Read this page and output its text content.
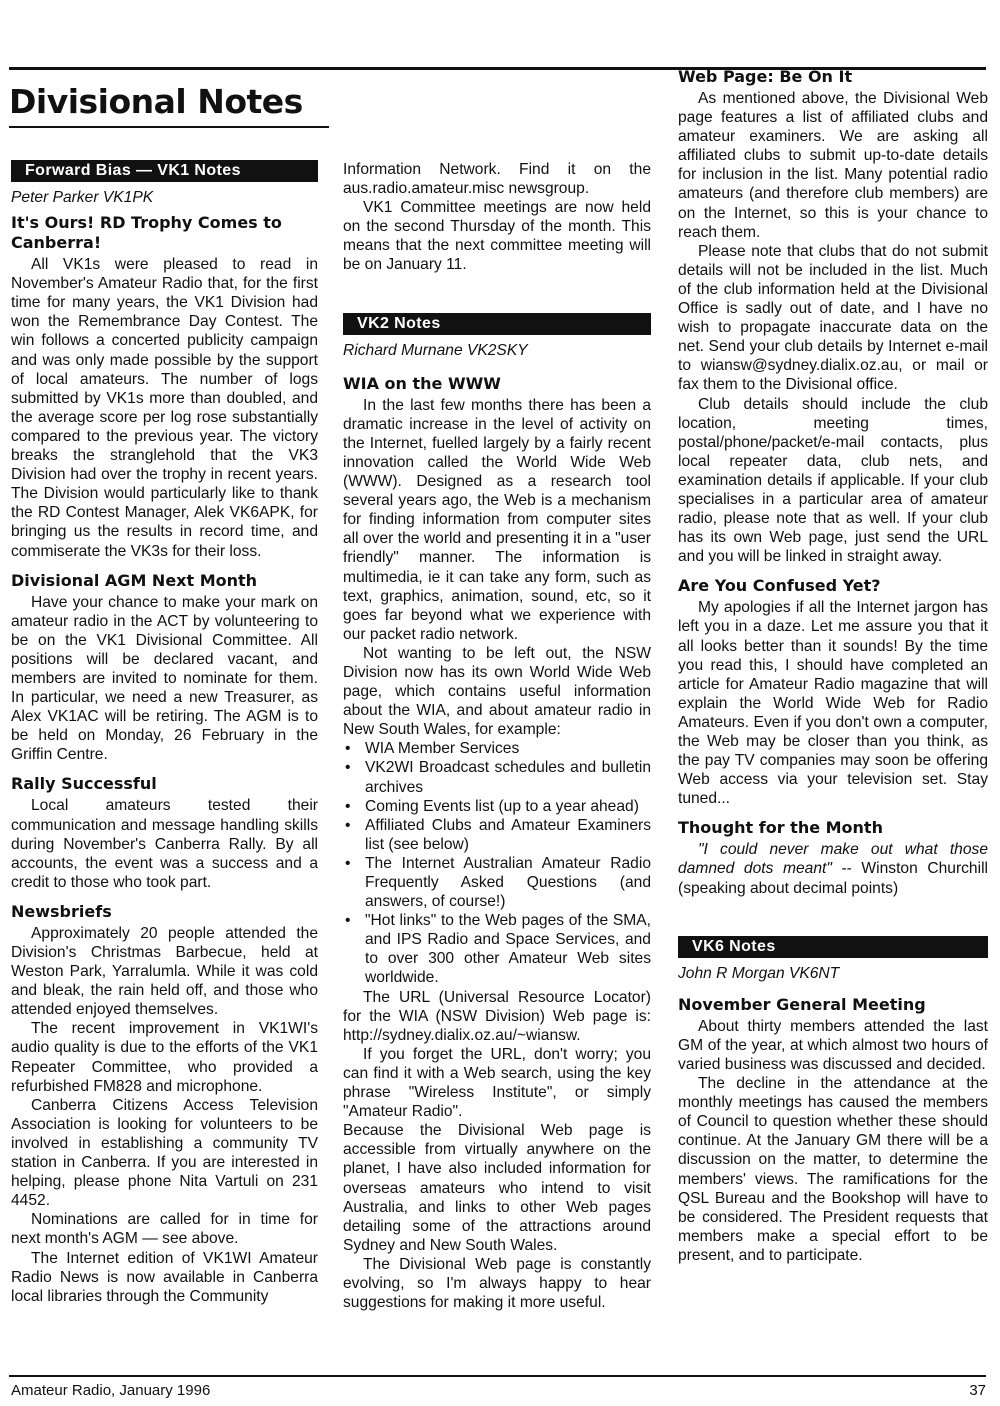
Divisional Notes
Forward Bias — VK1 Notes
Peter Parker VK1PK
It's Ours! RD Trophy Comes to Canberra!

All VK1s were pleased to read in November's Amateur Radio that, for the first time for many years, the VK1 Division had won the Remembrance Day Contest. The win follows a concerted publicity campaign and was only made possible by the support of local amateurs. The number of logs submitted by VK1s more than doubled, and the average score per log rose substantially compared to the previous year. The victory breaks the stranglehold that the VK3 Division had over the trophy in recent years. The Division would particularly like to thank the RD Contest Manager, Alek VK6APK, for bringing us the results in record time, and commiserate the VK3s for their loss.

Divisional AGM Next Month

Have your chance to make your mark on amateur radio in the ACT by volunteering to be on the VK1 Divisional Committee. All positions will be declared vacant, and members are invited to nominate for them. In particular, we need a new Treasurer, as Alex VK1AC will be retiring. The AGM is to be held on Monday, 26 February in the Griffin Centre.

Rally Successful

Local amateurs tested their communication and message handling skills during November's Canberra Rally. By all accounts, the event was a success and a credit to those who took part.

Newsbriefs

Approximately 20 people attended the Division's Christmas Barbecue, held at Weston Park, Yarralumla. While it was cold and bleak, the rain held off, and those who attended enjoyed themselves.

The recent improvement in VK1WI's audio quality is due to the efforts of the VK1 Repeater Committee, who provided a refurbished FM828 and microphone.

Canberra Citizens Access Television Association is looking for volunteers to be involved in establishing a community TV station in Canberra. If you are interested in helping, please phone Nita Vartuli on 231 4452.

Nominations are called for in time for next month's AGM — see above.

The Internet edition of VK1WI Amateur Radio News is now available in Canberra local libraries through the Community

Information Network. Find it on the aus.radio.amateur.misc newsgroup.

VK1 Committee meetings are now held on the second Thursday of the month. This means that the next committee meeting will be on January 11.

VK2 Notes
Richard Murnane VK2SKY
WIA on the WWW

In the last few months there has been a dramatic increase in the level of activity on the Internet, fuelled largely by a fairly recent innovation called the World Wide Web (WWW). Designed as a research tool several years ago, the Web is a mechanism for finding information from computer sites all over the world and presenting it in a "user friendly" manner. The information is multimedia, ie it can take any form, such as text, graphics, animation, sound, etc, so it goes far beyond what we experience with our packet radio network.

Not wanting to be left out, the NSW Division now has its own World Wide Web page, which contains useful information about the WIA, and about amateur radio in New South Wales, for example:

• WIA Member Services
• VK2WI Broadcast schedules and bulletin archives
• Coming Events list (up to a year ahead)
• Affiliated Clubs and Amateur Examiners list (see below)
• The Internet Australian Amateur Radio Frequently Asked Questions (and answers, of course!)
• "Hot links" to the Web pages of the SMA, and IPS Radio and Space Services, and to over 300 other Amateur Web sites worldwide.

The URL (Universal Resource Locator) for the WIA (NSW Division) Web page is: http://sydney.dialix.oz.au/~wiansw.

If you forget the URL, don't worry; you can find it with a Web search, using the key phrase "Wireless Institute", or simply "Amateur Radio".

Because the Divisional Web page is accessible from virtually anywhere on the planet, I have also included information for overseas amateurs who intend to visit Australia, and links to other Web pages detailing some of the attractions around Sydney and New South Wales.

The Divisional Web page is constantly evolving, so I'm always happy to hear suggestions for making it more useful.

Web Page: Be On It

As mentioned above, the Divisional Web page features a list of affiliated clubs and amateur examiners. We are asking all affiliated clubs to submit up-to-date details for inclusion in the list. Many potential radio amateurs (and therefore club members) are on the Internet, so this is your chance to reach them.

Please note that clubs that do not submit details will not be included in the list. Much of the club information held at the Divisional Office is sadly out of date, and I have no wish to propagate inaccurate data on the net. Send your club details by Internet e-mail to wiansw@sydney.dialix.oz.au, or mail or fax them to the Divisional office.

Club details should include the club location, meeting times, postal/phone/packet/e-mail contacts, plus local repeater data, club nets, and examination details if applicable. If your club specialises in a particular area of amateur radio, please note that as well. If your club has its own Web page, just send the URL and you will be linked in straight away.

Are You Confused Yet?

My apologies if all the Internet jargon has left you in a daze. Let me assure you that it all looks better than it sounds! By the time you read this, I should have completed an article for Amateur Radio magazine that will explain the World Wide Web for Radio Amateurs. Even if you don't own a computer, the Web may be closer than you think, as the pay TV companies may soon be offering Web access via your television set. Stay tuned...

Thought for the Month

"I could never make out what those damned dots meant" -- Winston Churchill (speaking about decimal points)

VK6 Notes
John R Morgan VK6NT
November General Meeting

About thirty members attended the last GM of the year, at which almost two hours of varied business was discussed and decided.

The decline in the attendance at the monthly meetings has caused the members of Council to question whether these should continue. At the January GM there will be a discussion on the matter, to determine the members' views. The ramifications for the QSL Bureau and the Bookshop will have to be considered. The President requests that members make a special effort to be present, and to participate.

Amateur Radio, January 1996	37
